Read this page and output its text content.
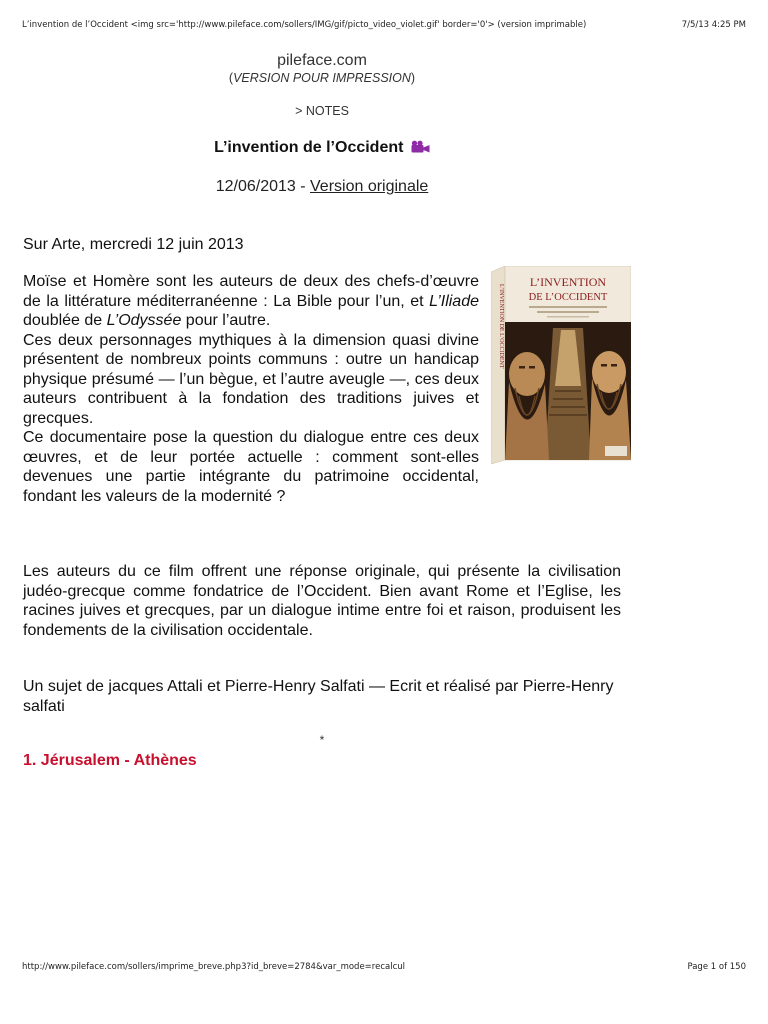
L’invention de l’Occident <img src='http://www.pileface.com/sollers/IMG/gif/picto_video_violet.gif' border='0'> (version imprimable)	7/5/13 4:25 PM
pileface.com
(VERSION POUR IMPRESSION)
> NOTES
L’invention de l’Occident
12/06/2013 - Version originale

Sur Arte, mercredi 12 juin 2013

L’INVENTION DE L’OCCIDENT
L’INVENTION
DE L’OCCIDENT

Moïse et Homère sont les auteurs de deux des chefs-d’œuvre de la littérature méditerranéenne : La Bible pour l’un, et L’Iliade doublée de L’Odyssée pour l’autre.

Ces deux personnages mythiques à la dimension quasi divine présentent de nombreux points communs : outre un handicap physique présumé — l’un bègue, et l’autre aveugle —, ces deux auteurs contribuent à la fondation des traditions juives et grecques.

Ce documentaire pose la question du dialogue entre ces deux œuvres, et de leur portée actuelle : comment sont-elles devenues une partie intégrante du patrimoine occidental, fondant les valeurs de la modernité ?

Les auteurs du ce film offrent une réponse originale, qui présente la civilisation judéo-grecque comme fondatrice de l’Occident. Bien avant Rome et l’Eglise, les racines juives et grecques, par un dialogue intime entre foi et raison, produisent les fondements de la civilisation occidentale.

Un sujet de jacques Attali et Pierre-Henry Salfati — Ecrit et réalisé par Pierre-Henry salfati

*
1. Jérusalem - Athènes
http://www.pileface.com/sollers/imprime_breve.php3?id_breve=2784&var_mode=recalcul	Page 1 of 150
